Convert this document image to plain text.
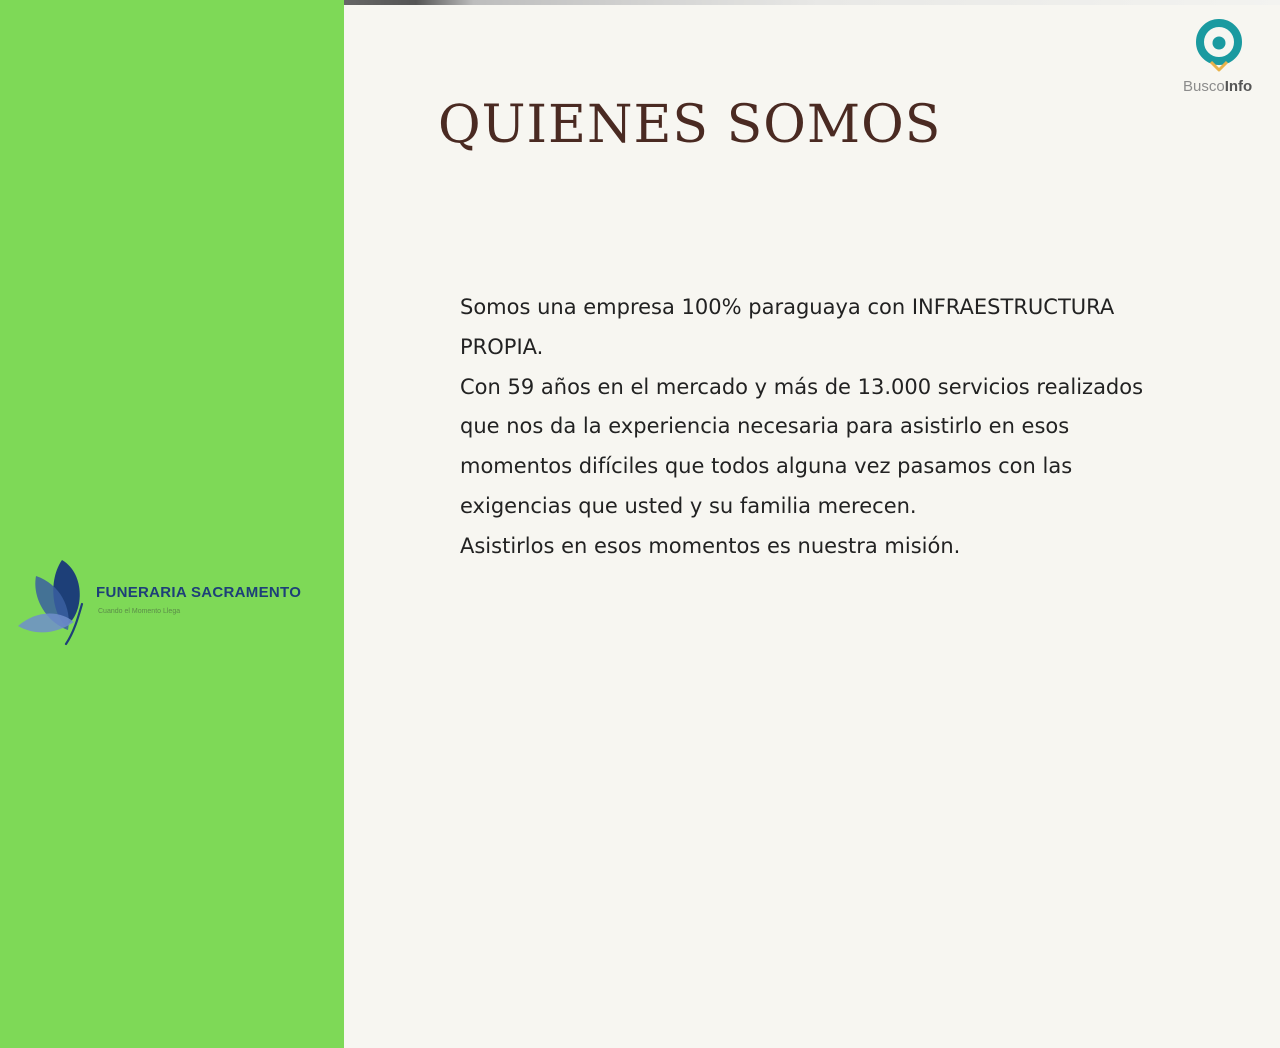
FUNERARIA SACRAMENTO
Cuando el Momento Llega
QUIENES SOMOS

Somos una empresa 100% paraguaya con INFRAESTRUCTURA PROPIA.

Con 59 años en el mercado y más de 13.000 servicios realizados que nos da la experiencia necesaria para asistirlo en esos momentos difíciles que todos alguna vez pasamos con las exigencias que usted y su familia merecen.

Asistirlos en esos momentos es nuestra misión.

BuscoInfo
